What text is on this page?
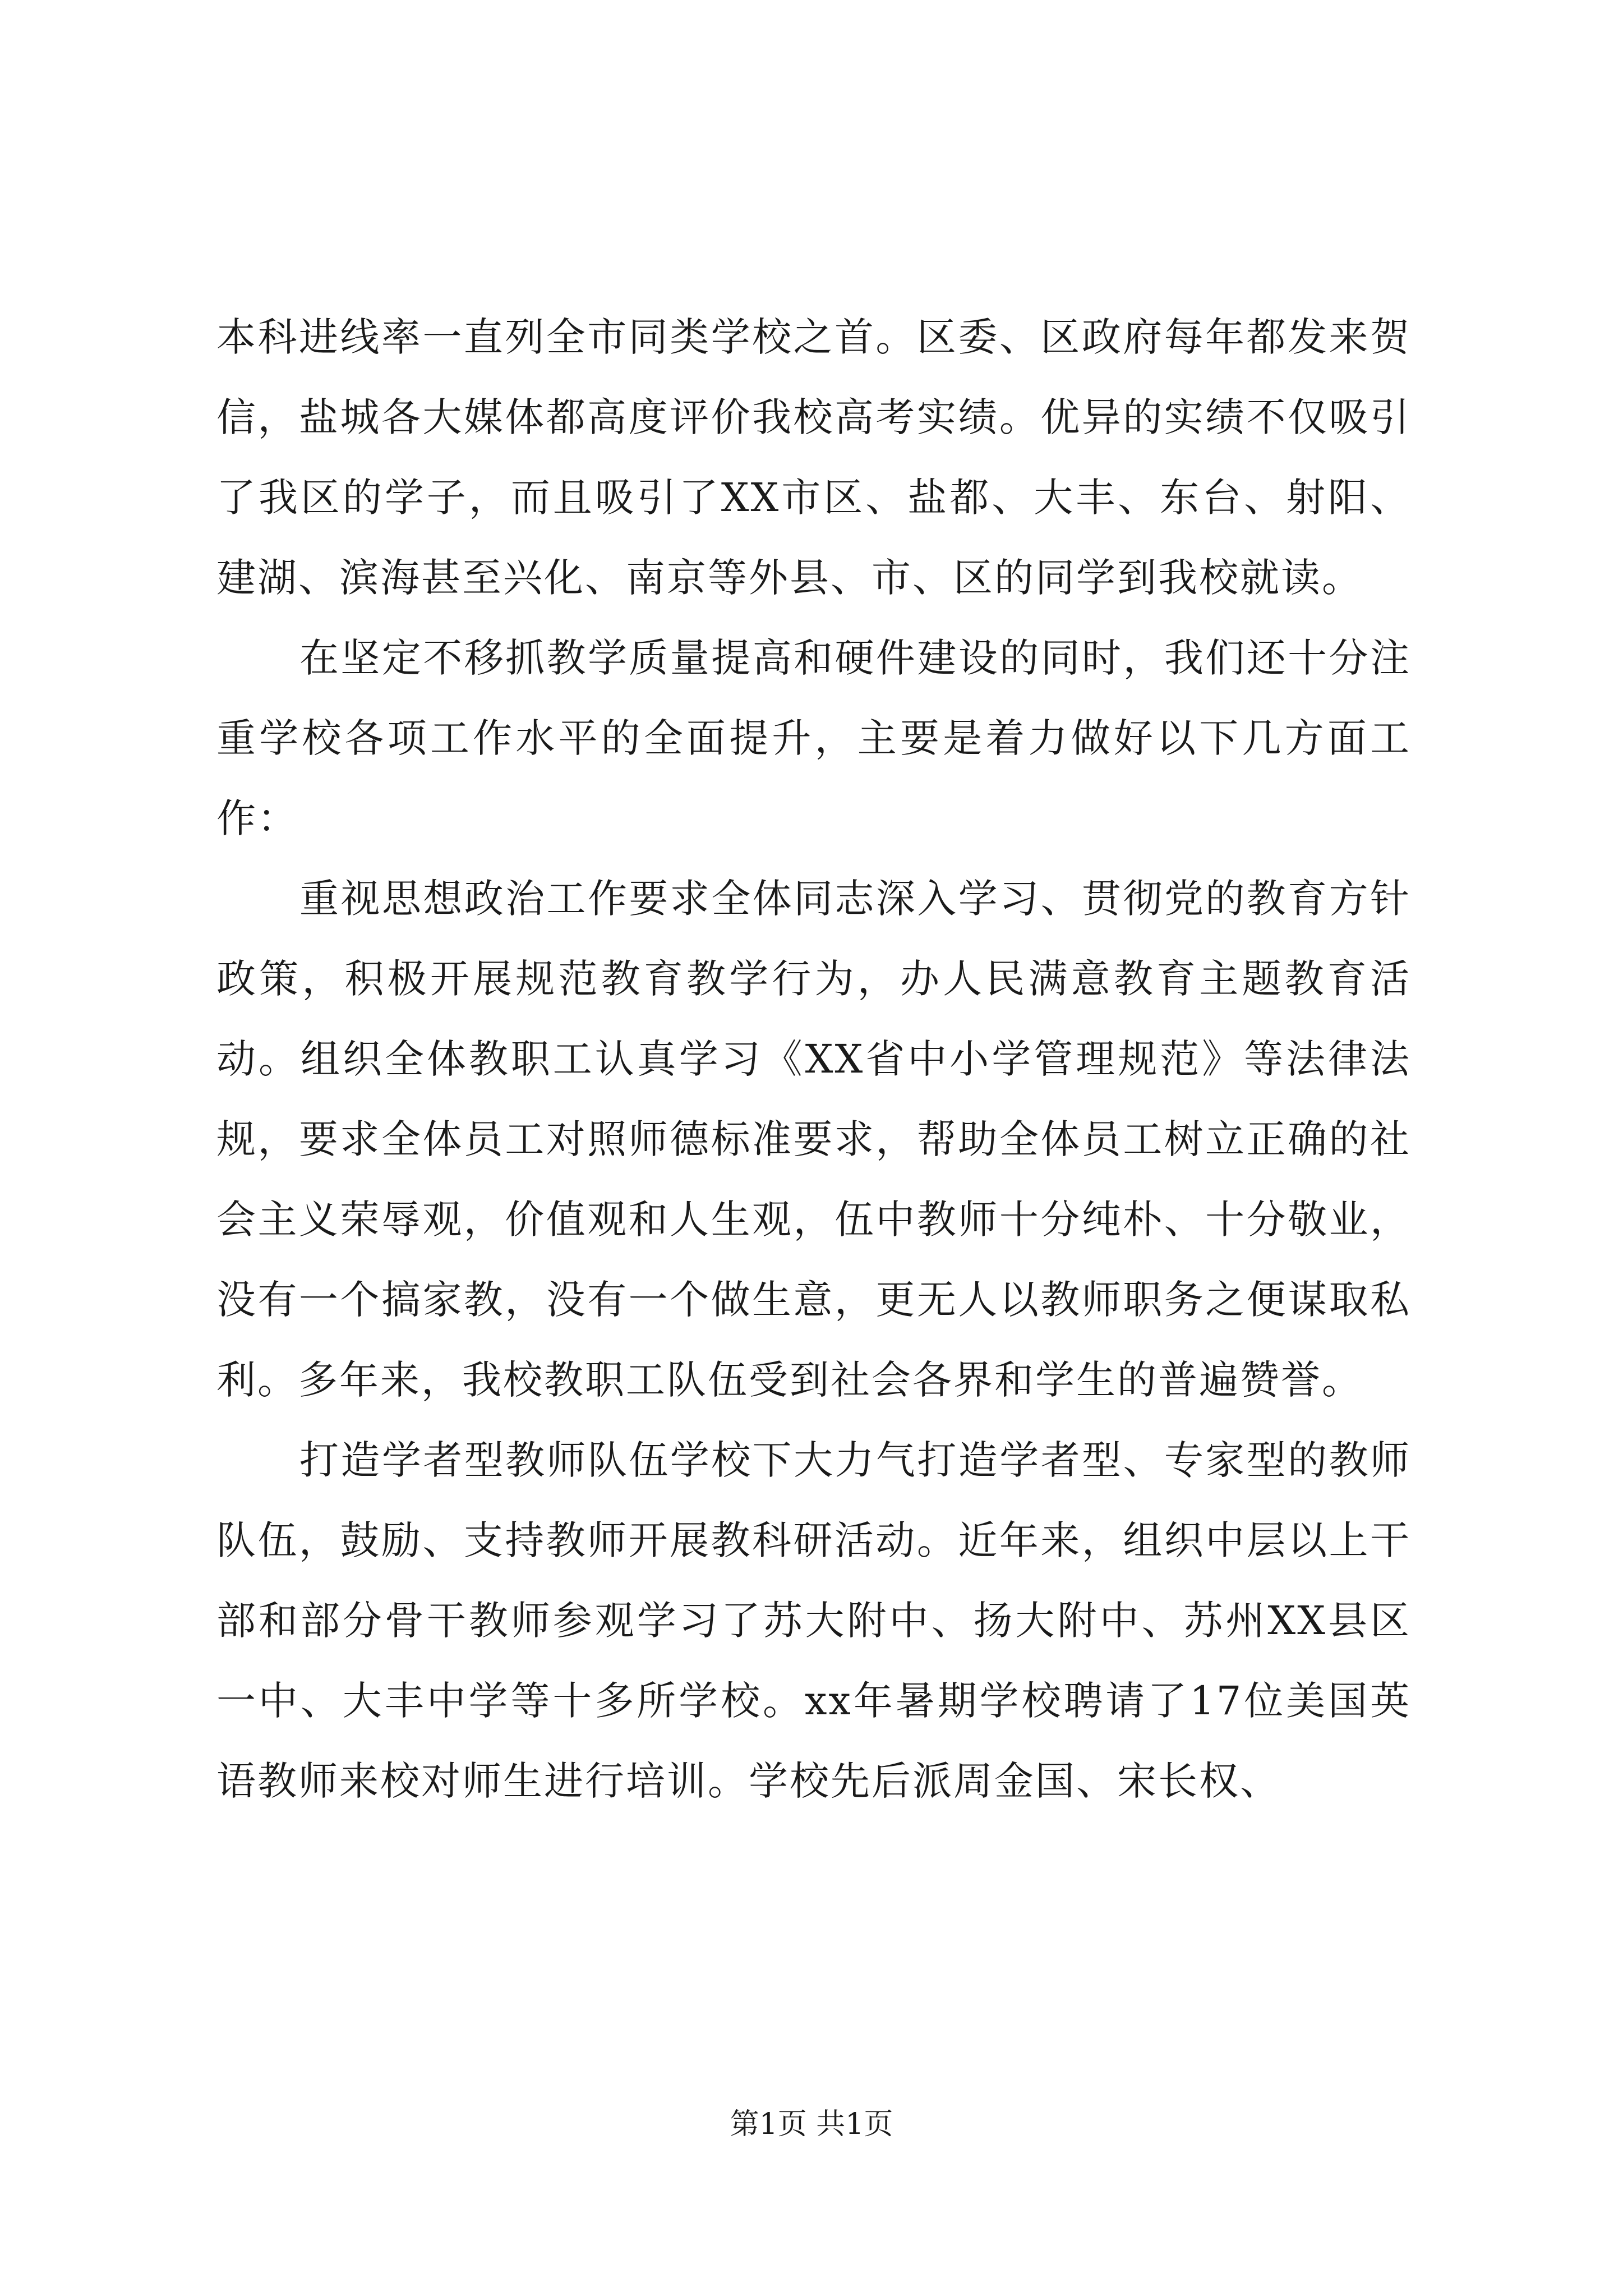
本科进线率一直列全市同类学校之首。区委、区政府每年都发来贺信，盐城各大媒体都高度评价我校高考实绩。优异的实绩不仅吸引了我区的学子，而且吸引了XX市区、盐都、大丰、东台、射阳、建湖、滨海甚至兴化、南京等外县、市、区的同学到我校就读。

在坚定不移抓教学质量提高和硬件建设的同时，我们还十分注重学校各项工作水平的全面提升，主要是着力做好以下几方面工作：

重视思想政治工作要求全体同志深入学习、贯彻党的教育方针政策，积极开展规范教育教学行为，办人民满意教育主题教育活动。组织全体教职工认真学习《XX省中小学管理规范》等法律法规，要求全体员工对照师德标准要求，帮助全体员工树立正确的社会主义荣辱观，价值观和人生观，伍中教师十分纯朴、十分敬业，没有一个搞家教，没有一个做生意，更无人以教师职务之便谋取私利。多年来，我校教职工队伍受到社会各界和学生的普遍赞誉。

打造学者型教师队伍学校下大力气打造学者型、专家型的教师队伍，鼓励、支持教师开展教科研活动。近年来，组织中层以上干部和部分骨干教师参观学习了苏大附中、扬大附中、苏州XX县区一中、大丰中学等十多所学校。xx年暑期学校聘请了17位美国英语教师来校对师生进行培训。学校先后派周金国、宋长权、

第1页 共1页
